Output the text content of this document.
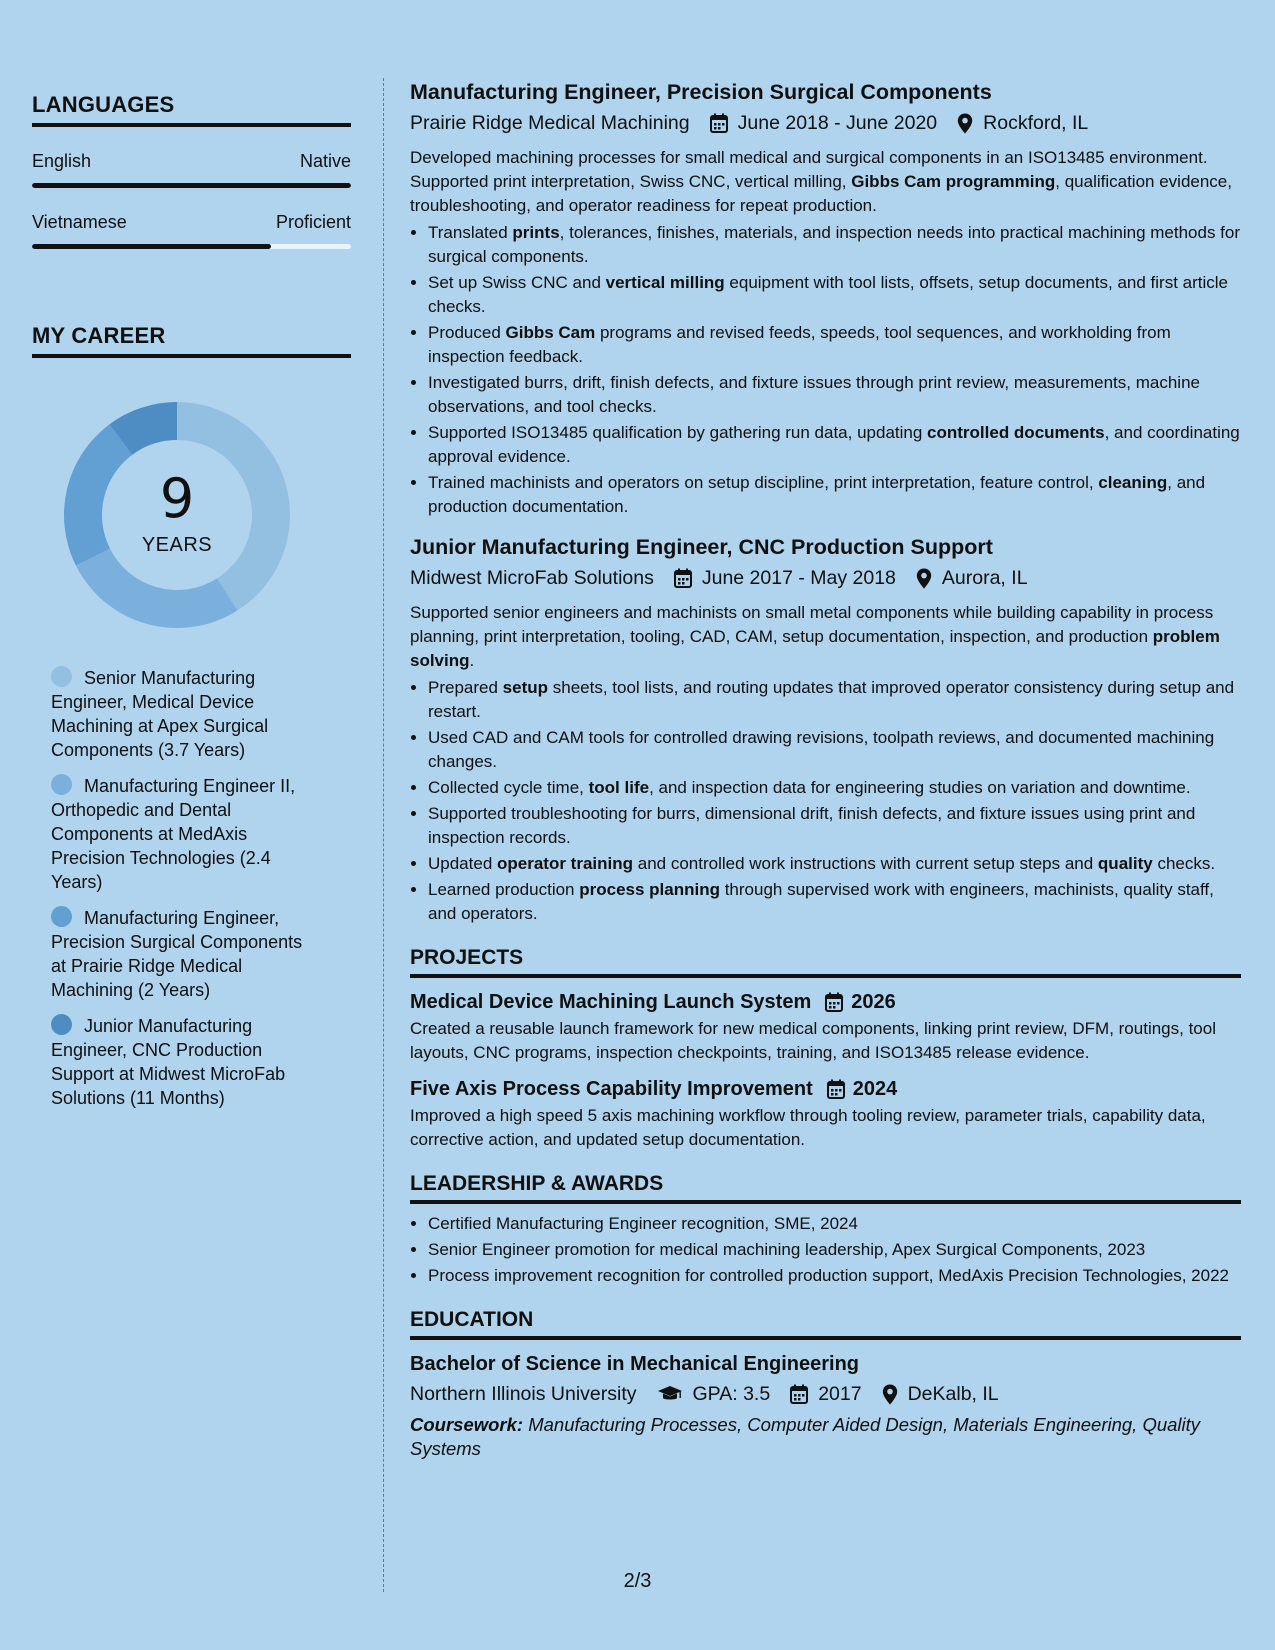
LANGUAGES
English	Native
Vietnamese	Proficient
MY CAREER
9
YEARS
Senior Manufacturing Engineer, Medical Device Machining at Apex Surgical Components (3.7 Years)
Manufacturing Engineer II, Orthopedic and Dental Components at MedAxis Precision Technologies (2.4 Years)
Manufacturing Engineer, Precision Surgical Components at Prairie Ridge Medical Machining (2 Years)
Junior Manufacturing Engineer, CNC Production Support at Midwest MicroFab Solutions (11 Months)
Manufacturing Engineer, Precision Surgical Components
Prairie Ridge Medical Machining June 2018 - June 2020 Rockford, IL
Developed machining processes for small medical and surgical components in an ISO13485 environment. Supported print interpretation, Swiss CNC, vertical milling, Gibbs Cam programming, qualification evidence, troubleshooting, and operator readiness for repeat production.
• Translated prints, tolerances, finishes, materials, and inspection needs into practical machining methods for surgical components.
• Set up Swiss CNC and vertical milling equipment with tool lists, offsets, setup documents, and first article checks.
• Produced Gibbs Cam programs and revised feeds, speeds, tool sequences, and workholding from inspection feedback.
• Investigated burrs, drift, finish defects, and fixture issues through print review, measurements, machine observations, and tool checks.
• Supported ISO13485 qualification by gathering run data, updating controlled documents, and coordinating approval evidence.
• Trained machinists and operators on setup discipline, print interpretation, feature control, cleaning, and production documentation.
Junior Manufacturing Engineer, CNC Production Support
Midwest MicroFab Solutions June 2017 - May 2018 Aurora, IL
Supported senior engineers and machinists on small metal components while building capability in process planning, print interpretation, tooling, CAD, CAM, setup documentation, inspection, and production problem solving.
• Prepared setup sheets, tool lists, and routing updates that improved operator consistency during setup and restart.
• Used CAD and CAM tools for controlled drawing revisions, toolpath reviews, and documented machining changes.
• Collected cycle time, tool life, and inspection data for engineering studies on variation and downtime.
• Supported troubleshooting for burrs, dimensional drift, finish defects, and fixture issues using print and inspection records.
• Updated operator training and controlled work instructions with current setup steps and quality checks.
• Learned production process planning through supervised work with engineers, machinists, quality staff, and operators.
PROJECTS
Medical Device Machining Launch System 2026
Created a reusable launch framework for new medical components, linking print review, DFM, routings, tool layouts, CNC programs, inspection checkpoints, training, and ISO13485 release evidence.
Five Axis Process Capability Improvement 2024
Improved a high speed 5 axis machining workflow through tooling review, parameter trials, capability data, corrective action, and updated setup documentation.
LEADERSHIP & AWARDS
• Certified Manufacturing Engineer recognition, SME, 2024
• Senior Engineer promotion for medical machining leadership, Apex Surgical Components, 2023
• Process improvement recognition for controlled production support, MedAxis Precision Technologies, 2022
EDUCATION
Bachelor of Science in Mechanical Engineering
Northern Illinois University	GPA: 3.5 2017 DeKalb, IL
Coursework: Manufacturing Processes, Computer Aided Design, Materials Engineering, Quality Systems
2/3
